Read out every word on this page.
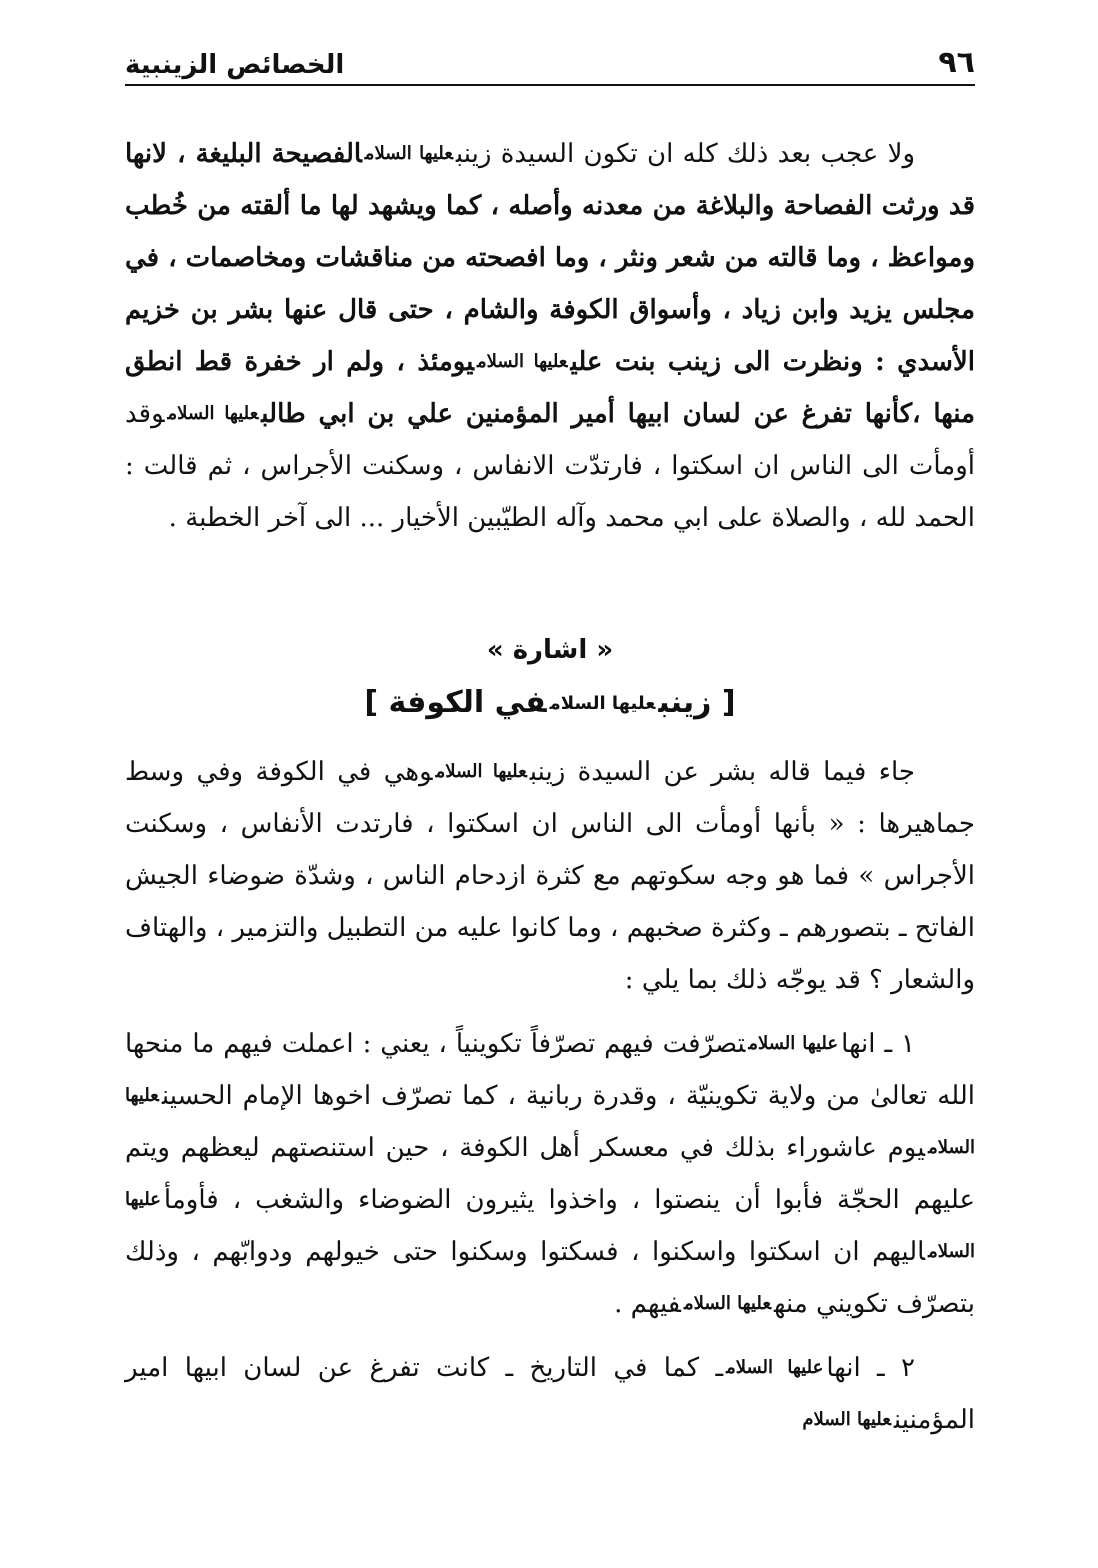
٩٦
الخصائص الزينبية

ولا عجب بعد ذلك كله ان تكون السيدة زينبعليها السلامالفصيحة البليغة ، لانها قد ورثت الفصاحة والبلاغة من معدنه وأصله ، كما ويشهد لها ما ألقته من خُطب ومواعظ ، وما قالته من شعر ونثر ، وما افصحته من مناقشات ومخاصمات ، في مجلس يزيد وابن زياد ، وأسواق الكوفة والشام ، حتى قال عنها بشر بن خزيم الأسدي : ونظرت الى زينب بنت عليعليها السلاميومئذ ، ولم ار خفرة قط انطق منها ،كأنها تفرغ عن لسان ابيها أمير المؤمنين علي بن ابي طالبعليها السلاموقد أومأت الى الناس ان اسكتوا ، فارتدّت الانفاس ، وسكنت الأجراس ، ثم قالت : الحمد لله ، والصلاة على ابي محمد وآله الطيّبين الأخيار ... الى آخر الخطبة .

« اشارة »
[ زينبعليها السلامفي الكوفة ]

جاء فيما قاله بشر عن السيدة زينبعليها السلاموهي في الكوفة وفي وسط جماهيرها : « بأنها أومأت الى الناس ان اسكتوا ، فارتدت الأنفاس ، وسكنت الأجراس » فما هو وجه سكوتهم مع كثرة ازدحام الناس ، وشدّة ضوضاء الجيش الفاتح ـ بتصورهم ـ وكثرة صخبهم ، وما كانوا عليه من التطبيل والتزمير ، والهتاف والشعار ؟ قد يوجّه ذلك بما يلي :

١ ـ انهاعليها السلامتصرّفت فيهم تصرّفاً تكوينياً ، يعني : اعملت فيهم ما منحها الله تعالىٰ من ولاية تكوينيّة ، وقدرة ربانية ، كما تصرّف اخوها الإمام الحسينعليها السلاميوم عاشوراء بذلك في معسكر أهل الكوفة ، حين استنصتهم ليعظهم ويتم عليهم الحجّة فأبوا أن ينصتوا ، واخذوا يثيرون الضوضاء والشغب ، فأومأعليها السلاماليهم ان اسكتوا واسكنوا ، فسكتوا وسكنوا حتى خيولهم ودوابّهم ، وذلك بتصرّف تكويني منهعليها السلامفيهم .

٢ ـ انهاعليها السلامـ كما في التاريخ ـ كانت تفرغ عن لسان ابيها امير المؤمنينعليها السلام
